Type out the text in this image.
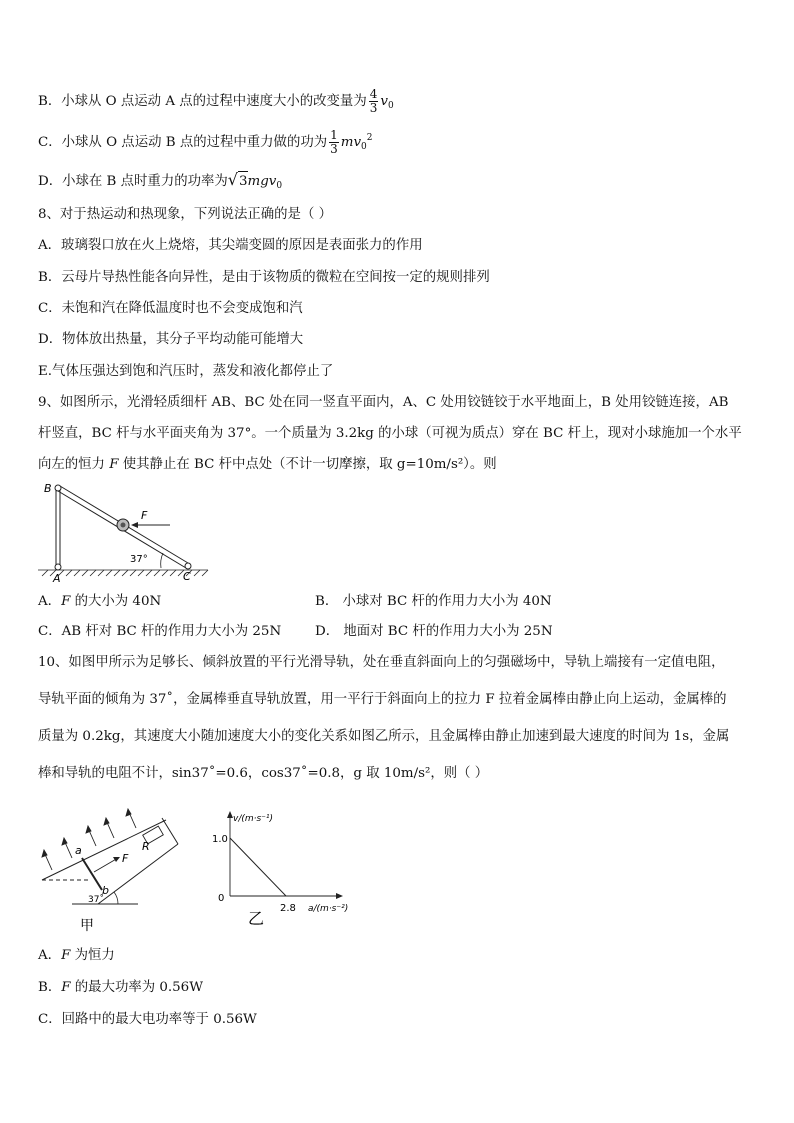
B．小球从 O 点运动 A 点的过程中速度大小的改变量为 $\frac{4}{3} v_0$
C．小球从 O 点运动 B 点的过程中重力做的功为 $\frac{1}{3} mv_0^2$
D．小球在 B 点时重力的功率为√3mgv$_0$
8、对于热运动和热现象，下列说法正确的是（ ）
A．玻璃裂口放在火上烧熔，其尖端变圆的原因是表面张力的作用
B．云母片导热性能各向异性，是由于该物质的微粒在空间按一定的规则排列
C．未饱和汽在降低温度时也不会变成饱和汽
D．物体放出热量，其分子平均动能可能增大
E.气体压强达到饱和汽压时，蒸发和液化都停止了
9、如图所示，光滑轻质细杆 AB、BC 处在同一竖直平面内，A、C 处用铰链铰于水平地面上，B 处用铰链连接，AB
杆竖直，BC 杆与水平面夹角为 37°。一个质量为 3.2kg 的小球（可视为质点）穿在 BC 杆上，现对小球施加一个水平
向左的恒力 F 使其静止在 BC 杆中点处（不计一切摩擦，取 g=10m/s²）。则
B
A	C
F
37°
A．F 的大小为 40N	B． 小球对 BC 杆的作用力大小为 40N
C．AB 杆对 BC 杆的作用力大小为 25N	D． 地面对 BC 杆的作用力大小为 25N
10、如图甲所示为足够长、倾斜放置的平行光滑导轨，处在垂直斜面向上的匀强磁场中，导轨上端接有一定值电阻，
导轨平面的倾角为 37˚，金属棒垂直导轨放置，用一平行于斜面向上的拉力 F 拉着金属棒由静止向上运动，金属棒的
质量为 0.2kg，其速度大小随加速度大小的变化关系如图乙所示，且金属棒由静止加速到最大速度的时间为 1s，金属
棒和导轨的电阻不计，sin37˚=0.6，cos37˚=0.8，g 取 10m/s²，则（ ）
a
b
R
F
37˚
甲
v/(m·s⁻¹)
a/(m·s⁻²)
1.0
0
2.8
乙
A．F 为恒力
B．F 的最大功率为 0.56W
C．回路中的最大电功率等于 0.56W
